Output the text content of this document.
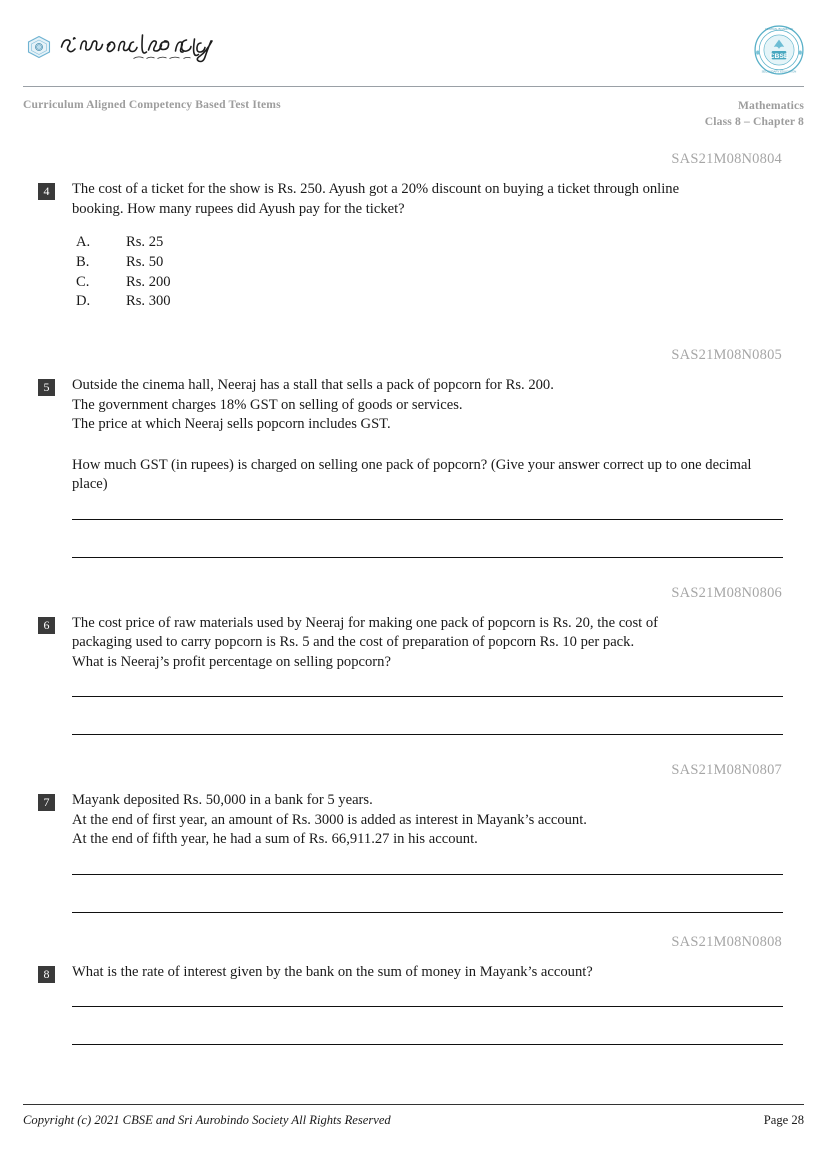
CBSE
CENTRAL BOARD OF
SECONDARY EDUCATION
Curriculum Aligned Competency Based Test Items	Mathematics
Class 8 – Chapter 8
SAS21M08N0804
4	The cost of a ticket for the show is Rs. 250. Ayush got a 20% discount on buying a ticket through online
booking. How many rupees did Ayush pay for the ticket?
A.	Rs. 25
B.	Rs. 50
C.	Rs. 200
D.	Rs. 300
SAS21M08N0805
5	Outside the cinema hall, Neeraj has a stall that sells a pack of popcorn for Rs. 200.
The government charges 18% GST on selling of goods or services.
The price at which Neeraj sells popcorn includes GST.
How much GST (in rupees) is charged on selling one pack of popcorn? (Give your answer correct up to one decimal place)
SAS21M08N0806
6	The cost price of raw materials used by Neeraj for making one pack of popcorn is Rs. 20, the cost of
packaging used to carry popcorn is Rs. 5 and the cost of preparation of popcorn Rs. 10 per pack.
What is Neeraj’s profit percentage on selling popcorn?
SAS21M08N0807
7	Mayank deposited Rs. 50,000 in a bank for 5 years.
At the end of first year, an amount of Rs. 3000 is added as interest in Mayank’s account.
At the end of fifth year, he had a sum of Rs. 66,911.27 in his account.
SAS21M08N0808
8	What is the rate of interest given by the bank on the sum of money in Mayank’s account?
Copyright (c) 2021 CBSE and Sri Aurobindo Society All Rights Reserved	Page 28
